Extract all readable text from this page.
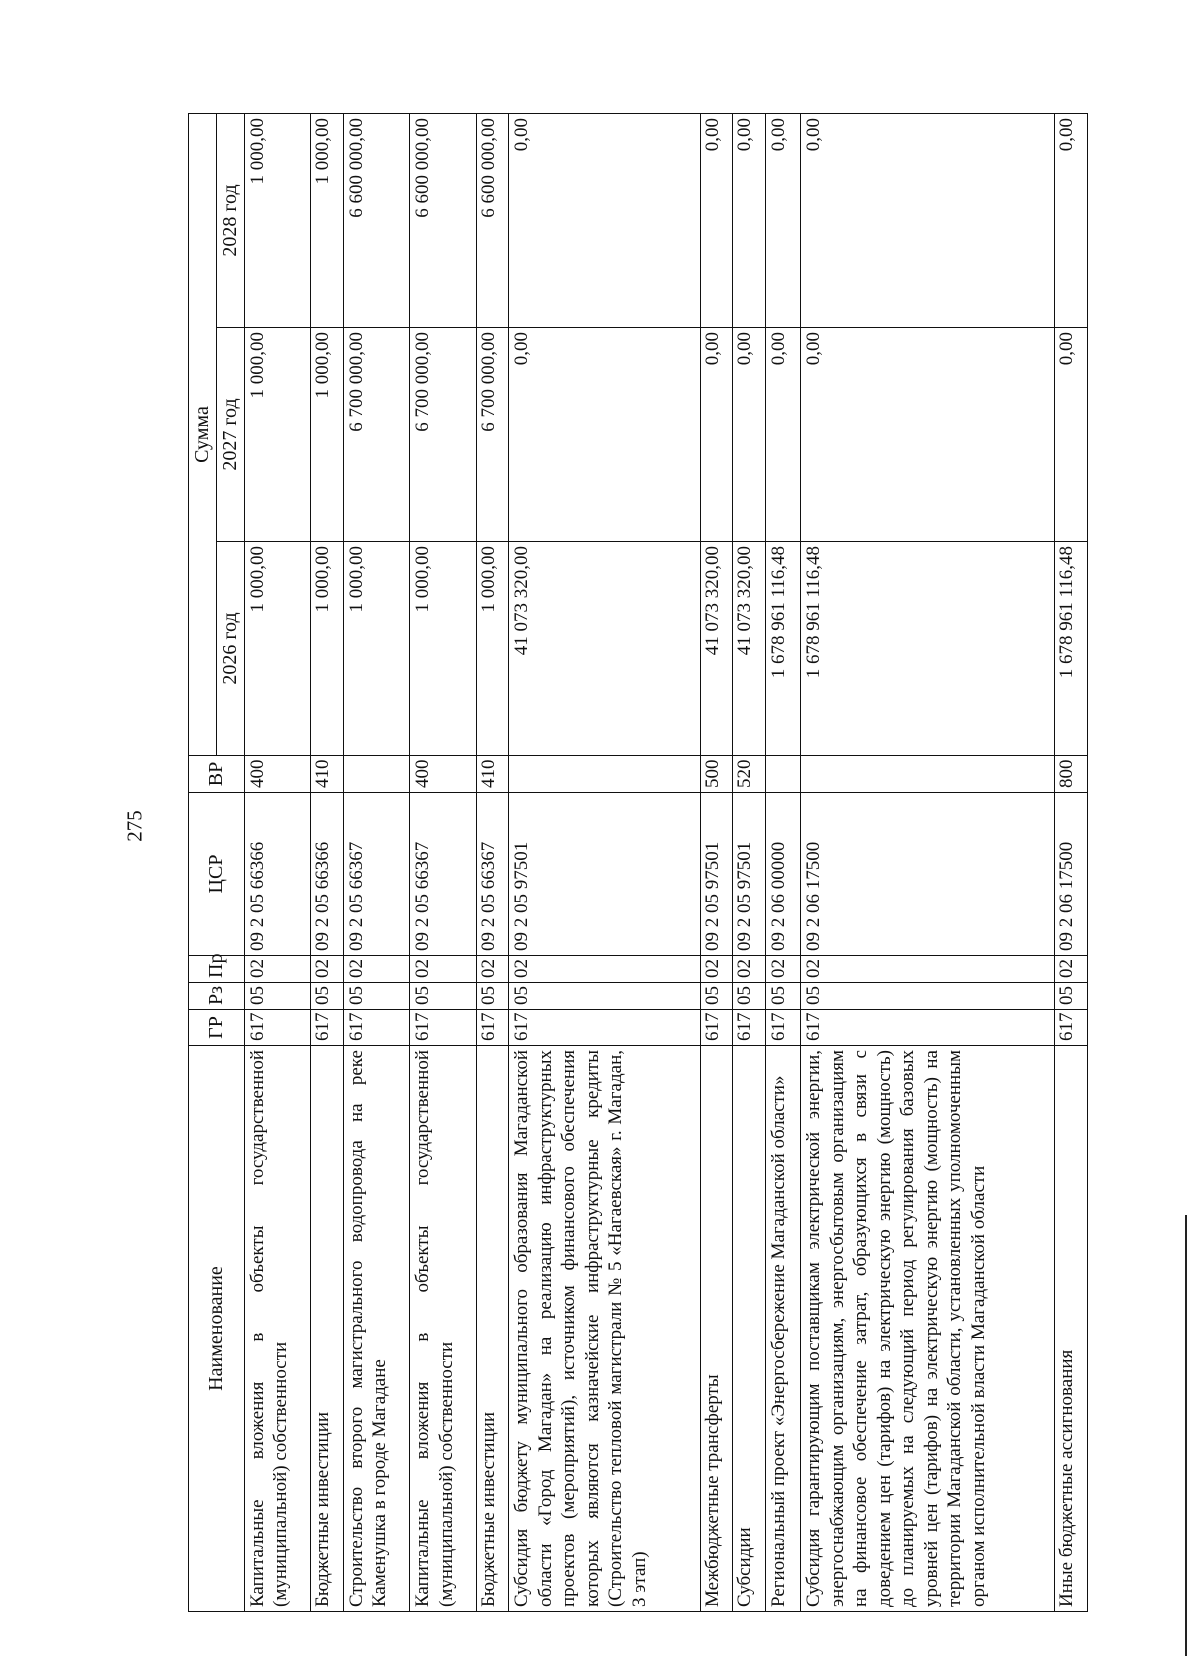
275
Наименование	ГР	Рз	Пр	ЦСР	ВР	Сумма		
						2026 год	2027 год	2028 год
Капитальные вложения в объекты государственной (муниципальной) собственности	617	05	02	09 2 05 66366	400	1 000,00	1 000,00	1 000,00
Бюджетные инвестиции	617	05	02	09 2 05 66366	410	1 000,00	1 000,00	1 000,00
Строительство второго магистрального водопровода на реке Каменушка в городе Магадане	617	05	02	09 2 05 66367		1 000,00	6 700 000,00	6 600 000,00
Капитальные вложения в объекты государственной (муниципальной) собственности	617	05	02	09 2 05 66367	400	1 000,00	6 700 000,00	6 600 000,00
Бюджетные инвестиции	617	05	02	09 2 05 66367	410	1 000,00	6 700 000,00	6 600 000,00
Субсидия бюджету муниципального образования Магаданской области «Город Магадан» на реализацию инфраструктурных проектов (мероприятий), источником финансового обеспечения которых являются казначейские инфраструктурные кредиты (Строительство тепловой магистрали № 5 «Нагаевская» г. Магадан, 3 этап)	617	05	02	09 2 05 97501		41 073 320,00	0,00	0,00
Межбюджетные трансферты	617	05	02	09 2 05 97501	500	41 073 320,00	0,00	0,00
Субсидии	617	05	02	09 2 05 97501	520	41 073 320,00	0,00	0,00
Региональный проект «Энергосбережение Магаданской области»	617	05	02	09 2 06 00000		1 678 961 116,48	0,00	0,00
Субсидия гарантирующим поставщикам электрической энергии, энергоснабжающим организациям, энергосбытовым организациям на финансовое обеспечение затрат, образующихся в связи с доведением цен (тарифов) на электрическую энергию (мощность) до планируемых на следующий период регулирования базовых уровней цен (тарифов) на электрическую энергию (мощность) на территории Магаданской области, установленных уполномоченным органом исполнительной власти Магаданской области	617	05	02	09 2 06 17500		1 678 961 116,48	0,00	0,00
Иные бюджетные ассигнования	617	05	02	09 2 06 17500	800	1 678 961 116,48	0,00	0,00
